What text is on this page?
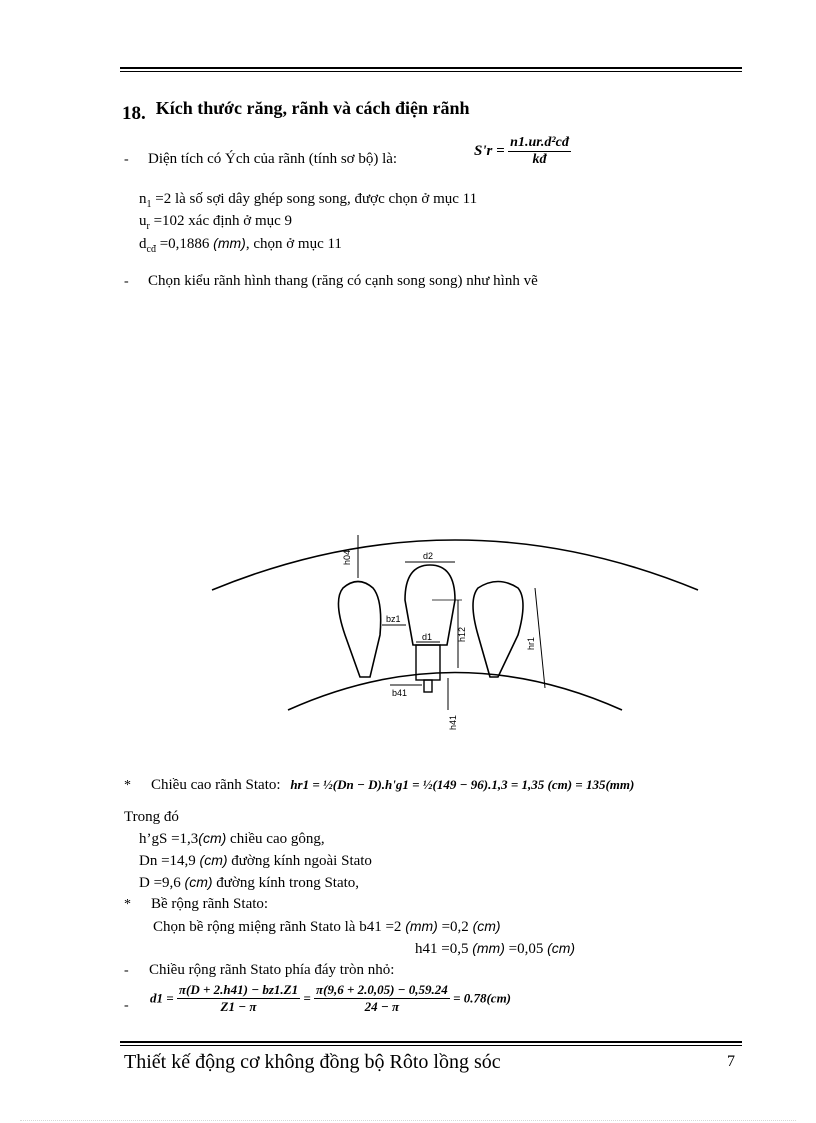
18. Kích thước răng, rãnh và cách điện rãnh
- Diện tích có Ých của rãnh (tính sơ bộ) là:	$S'r = \frac{\text{n1.ur.d²cđ}}{kđ}$
$n_1 =2$ là số sợi dây ghép song song, được chọn ở mục 11
$u_r =102$ xác định ở mục 9
$d_{cđ} =0,1886$ (mm), chọn ở mục 11
- Chọn kiểu rãnh hình thang (răng có cạnh song song) như hình vẽ
h04	d2
bz1
d1	h12
hr1
b41
h41
* Chiều cao rãnh Stato: hr1 = ½(Dn − D).h'g1 = ½(149 − 96).1,3 = 1,35 (cm) = 135(mm)
Trong đó
h’gS =1,3(cm) chiều cao gông,
Dn =14,9 (cm) đường kính ngoài Stato
D =9,6 (cm) đường kính trong Stato,
* Bề rộng rãnh Stato:
Chọn bề rộng miệng rãnh Stato là b41 =2 (mm) =0,2 (cm)
h41 =0,5 (mm) =0,05 (cm)
- Chiều rộng rãnh Stato phía đáy tròn nhỏ:
- $d1 = \frac{\pi(D + 2.h41) - bz1.Z1}{Z1 - \pi} = \frac{\pi(9,6 + 2.0,05) - 0,59.24}{24 - \pi} = 0.78(cm)$
Thiết kế động cơ không đồng bộ Rôto lồng sóc	7
